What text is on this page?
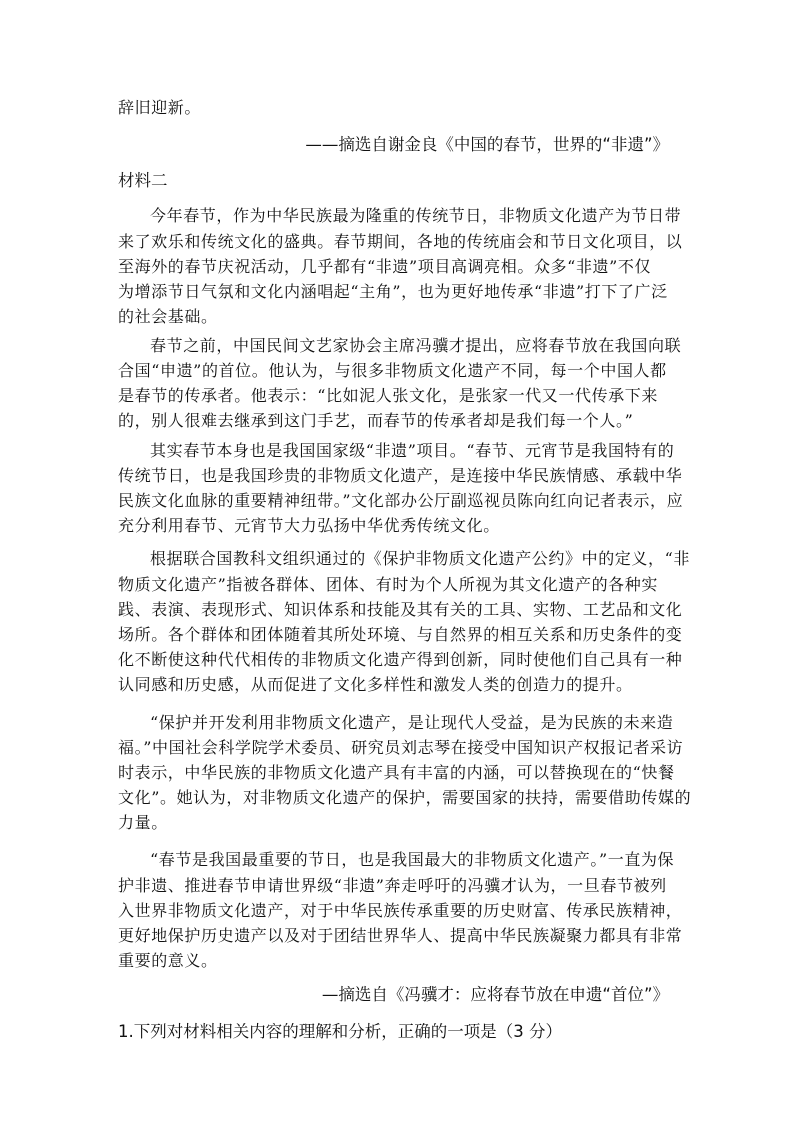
辞旧迎新。
——摘选自谢金良《中国的春节，世界的“非遗”》
材料二
今年春节，作为中华民族最为隆重的传统节日，非物质文化遗产为节日带
来了欢乐和传统文化的盛典。春节期间，各地的传统庙会和节日文化项目，以
至海外的春节庆祝活动，几乎都有“非遗”项目高调亮相。众多“非遗”不仅
为增添节日气氛和文化内涵唱起“主角”，也为更好地传承“非遗”打下了广泛
的社会基础。
春节之前，中国民间文艺家协会主席冯骥才提出，应将春节放在我国向联
合国“申遗”的首位。他认为，与很多非物质文化遗产不同，每一个中国人都
是春节的传承者。他表示：“比如泥人张文化，是张家一代又一代传承下来
的，别人很难去继承到这门手艺，而春节的传承者却是我们每一个人。”
其实春节本身也是我国国家级“非遗”项目。“春节、元宵节是我国特有的
传统节日，也是我国珍贵的非物质文化遗产，是连接中华民族情感、承载中华
民族文化血脉的重要精神纽带。”文化部办公厅副巡视员陈向红向记者表示，应
充分利用春节、元宵节大力弘扬中华优秀传统文化。
根据联合国教科文组织通过的《保护非物质文化遗产公约》中的定义，“非
物质文化遗产”指被各群体、团体、有时为个人所视为其文化遗产的各种实
践、表演、表现形式、知识体系和技能及其有关的工具、实物、工艺品和文化
场所。各个群体和团体随着其所处环境、与自然界的相互关系和历史条件的变
化不断使这种代代相传的非物质文化遗产得到创新，同时使他们自己具有一种
认同感和历史感，从而促进了文化多样性和激发人类的创造力的提升。
“保护并开发利用非物质文化遗产，是让现代人受益，是为民族的未来造
福。”中国社会科学院学术委员、研究员刘志琴在接受中国知识产权报记者采访
时表示，中华民族的非物质文化遗产具有丰富的内涵，可以替换现在的“快餐
文化”。她认为，对非物质文化遗产的保护，需要国家的扶持，需要借助传媒的
力量。
“春节是我国最重要的节日，也是我国最大的非物质文化遗产。”一直为保
护非遗、推进春节申请世界级“非遗”奔走呼吁的冯骥才认为，一旦春节被列
入世界非物质文化遗产，对于中华民族传承重要的历史财富、传承民族精神，
更好地保护历史遗产以及对于团结世界华人、提高中华民族凝聚力都具有非常
重要的意义。
—摘选自《冯骥才：应将春节放在申遗“首位”》
1.下列对材料相关内容的理解和分析，正确的一项是（3 分）
